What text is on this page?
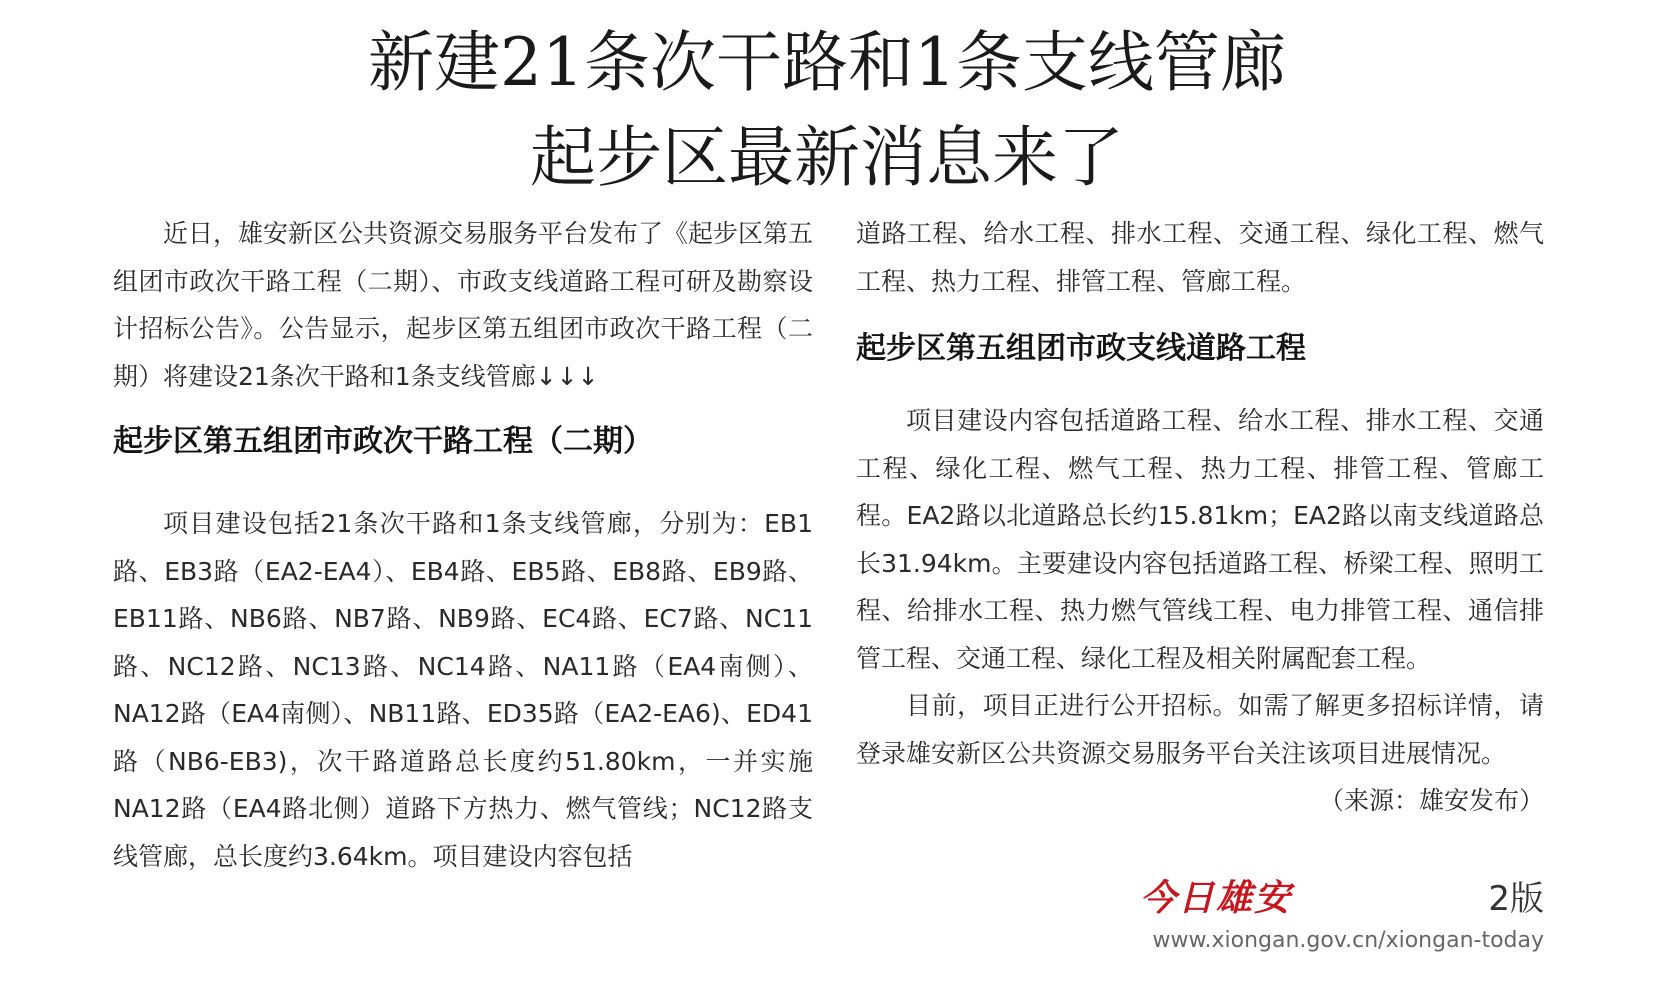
新建21条次干路和1条支线管廊
起步区最新消息来了

近日，雄安新区公共资源交易服务平台发布了《起步区第五组团市政次干路工程（二期）、市政支线道路工程可研及勘察设计招标公告》。公告显示，起步区第五组团市政次干路工程（二期）将建设21条次干路和1条支线管廊↓↓↓

起步区第五组团市政次干路工程（二期）

项目建设包括21条次干路和1条支线管廊，分别为：EB1路、EB3路（EA2-EA4）、EB4路、EB5路、EB8路、EB9路、EB11路、NB6路、NB7路、NB9路、EC4路、EC7路、NC11路、NC12路、NC13路、NC14路、NA11路（EA4南侧）、NA12路（EA4南侧）、NB11路、ED35路（EA2-EA6)、ED41路（NB6-EB3)，次干路道路总长度约51.80km，一并实施NA12路（EA4路北侧）道路下方热力、燃气管线；NC12路支线管廊，总长度约3.64km。项目建设内容包括

道路工程、给水工程、排水工程、交通工程、绿化工程、燃气工程、热力工程、排管工程、管廊工程。

起步区第五组团市政支线道路工程

项目建设内容包括道路工程、给水工程、排水工程、交通工程、绿化工程、燃气工程、热力工程、排管工程、管廊工程。EA2路以北道路总长约15.81km；EA2路以南支线道路总长31.94km。主要建设内容包括道路工程、桥梁工程、照明工程、给排水工程、热力燃气管线工程、电力排管工程、通信排管工程、交通工程、绿化工程及相关附属配套工程。

目前，项目正进行公开招标。如需了解更多招标详情，请登录雄安新区公共资源交易服务平台关注该项目进展情况。

（来源：雄安发布）

今日雄安	2版
www.xiongan.gov.cn/xiongan-today
